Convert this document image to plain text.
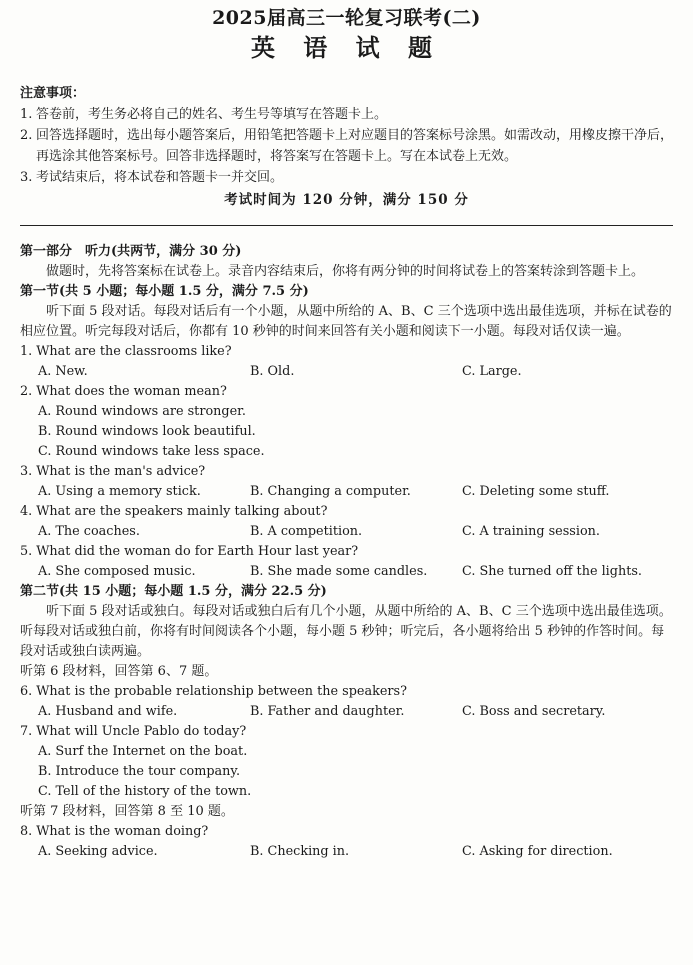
2025届高三一轮复习联考(二)
英 语 试 题
注意事项：
1. 答卷前，考生务必将自己的姓名、考生号等填写在答题卡上。
2. 回答选择题时，选出每小题答案后，用铅笔把答题卡上对应题目的答案标号涂黑。如需改动，用橡皮擦干净后，再选涂其他答案标号。回答非选择题时，将答案写在答题卡上。写在本试卷上无效。
3. 考试结束后，将本试卷和答题卡一并交回。
考试时间为 120 分钟，满分 150 分
第一部分　听力(共两节，满分 30 分)

做题时，先将答案标在试卷上。录音内容结束后，你将有两分钟的时间将试卷上的答案转涂到答题卡上。

第一节(共 5 小题；每小题 1.5 分，满分 7.5 分)

听下面 5 段对话。每段对话后有一个小题，从题中所给的 A、B、C 三个选项中选出最佳选项，并标在试卷的相应位置。听完每段对话后，你都有 10 秒钟的时间来回答有关小题和阅读下一小题。每段对话仅读一遍。

1. What are the classrooms like?
A. New.	B. Old.	C. Large.
2. What does the woman mean?
A. Round windows are stronger.
B. Round windows look beautiful.
C. Round windows take less space.
3. What is the man's advice?
A. Using a memory stick.	B. Changing a computer.	C. Deleting some stuff.
4. What are the speakers mainly talking about?
A. The coaches.	B. A competition.	C. A training session.
5. What did the woman do for Earth Hour last year?
A. She composed music.	B. She made some candles.	C. She turned off the lights.
第二节(共 15 小题；每小题 1.5 分，满分 22.5 分)

听下面 5 段对话或独白。每段对话或独白后有几个小题，从题中所给的 A、B、C 三个选项中选出最佳选项。听每段对话或独白前，你将有时间阅读各个小题，每小题 5 秒钟；听完后，各小题将给出 5 秒钟的作答时间。每段对话或独白读两遍。

听第 6 段材料，回答第 6、7 题。
6. What is the probable relationship between the speakers?
A. Husband and wife.	B. Father and daughter.	C. Boss and secretary.
7. What will Uncle Pablo do today?
A. Surf the Internet on the boat.
B. Introduce the tour company.
C. Tell of the history of the town.
听第 7 段材料，回答第 8 至 10 题。
8. What is the woman doing?
A. Seeking advice.	B. Checking in.	C. Asking for direction.
